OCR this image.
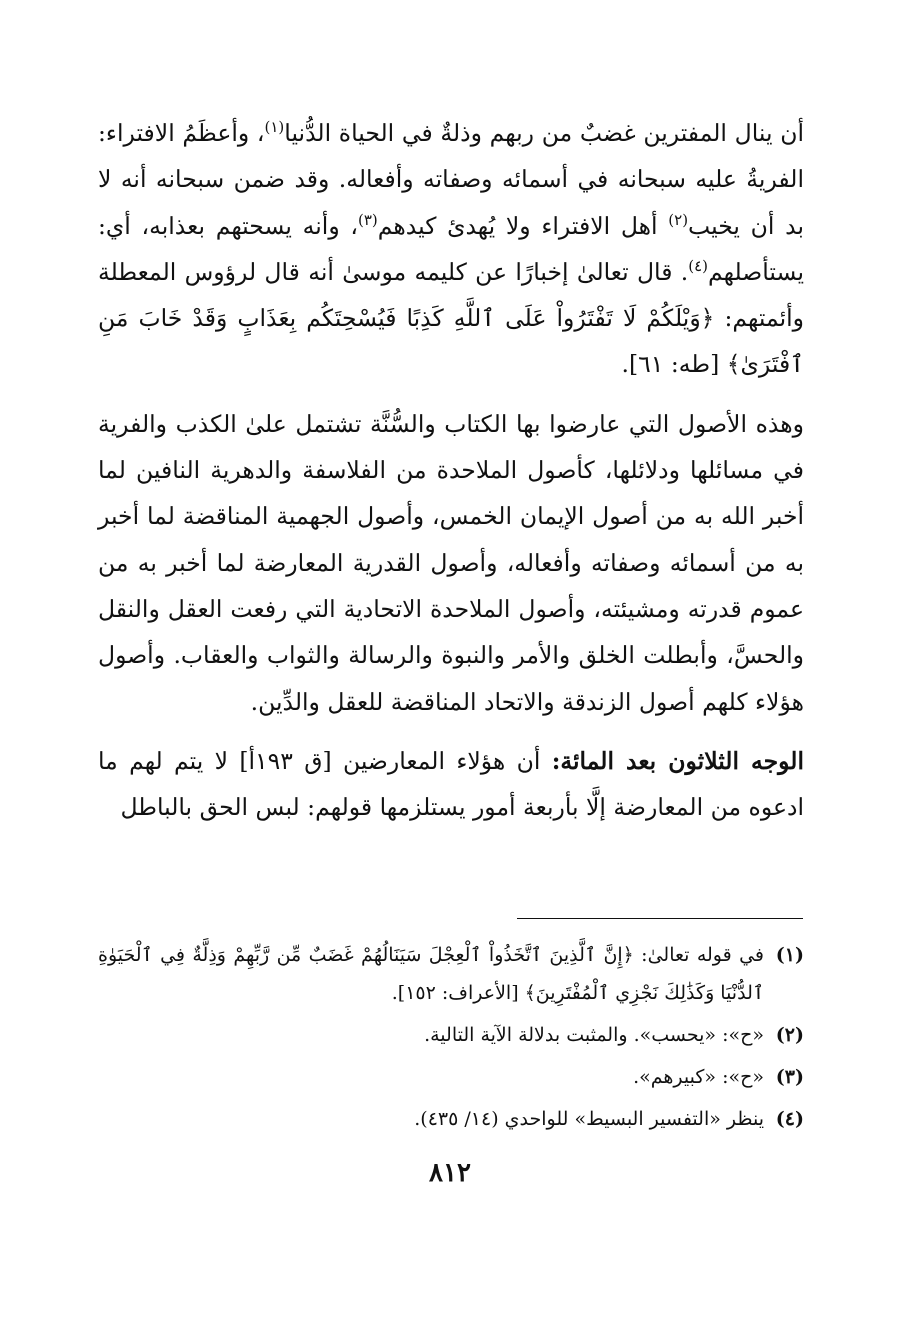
أن ينال المفترين غضبٌ من ربهم وذلةٌ في الحياة الدُّنيا$^{(١)}$، وأعظَمُ الافتراء: الفريةُ عليه سبحانه في أسمائه وصفاته وأفعاله. وقد ضمن سبحانه أنه لا بد أن يخيب$^{(٢)}$ أهل الافتراء ولا يُهدئ كيدهم$^{(٣)}$، وأنه يسحتهم بعذابه، أي: يستأصلهم$^{(٤)}$. قال تعالىٰ إخبارًا عن كليمه موسىٰ أنه قال لرؤوس المعطلة وأئمتهم: ﴿وَيْلَكُمْ لَا تَفْتَرُواْ عَلَى ٱللَّهِ كَذِبًا فَيُسْحِتَكُم بِعَذَابٍ وَقَدْ خَابَ مَنِ ٱفْتَرَىٰ﴾ [طه: ٦١].

وهذه الأصول التي عارضوا بها الكتاب والسُّنَّة تشتمل علىٰ الكذب والفرية في مسائلها ودلائلها، كأصول الملاحدة من الفلاسفة والدهرية النافين لما أخبر الله به من أصول الإيمان الخمس، وأصول الجهمية المناقضة لما أخبر به من أسمائه وصفاته وأفعاله، وأصول القدرية المعارضة لما أخبر به من عموم قدرته ومشيئته، وأصول الملاحدة الاتحادية التي رفعت العقل والنقل والحسَّ، وأبطلت الخلق والأمر والنبوة والرسالة والثواب والعقاب. وأصول هؤلاء كلهم أصول الزندقة والاتحاد المناقضة للعقل والدِّين.

الوجه الثلاثون بعد المائة: أن هؤلاء المعارضين [ق ١٩٣أ] لا يتم لهم ما ادعوه من المعارضة إلَّا بأربعة أمور يستلزمها قولهم: لبس الحق بالباطل

(١)
في قوله تعالىٰ: ﴿إِنَّ ٱلَّذِينَ ٱتَّخَذُواْ ٱلْعِجْلَ سَيَنَالُهُمْ غَضَبٌ مِّن رَّبِّهِمْ وَذِلَّةٌ فِي ٱلْحَيَوٰةِ ٱلدُّنْيَا وَكَذَٰلِكَ نَجْزِي ٱلْمُفْتَرِينَ﴾ [الأعراف: ١٥٢].
(٢)
«ح»: «يحسب». والمثبت بدلالة الآية التالية.
(٣)
«ح»: «كبيرهم».
(٤)
ينظر «التفسير البسيط» للواحدي (١٤/ ٤٣٥).
٨١٢
